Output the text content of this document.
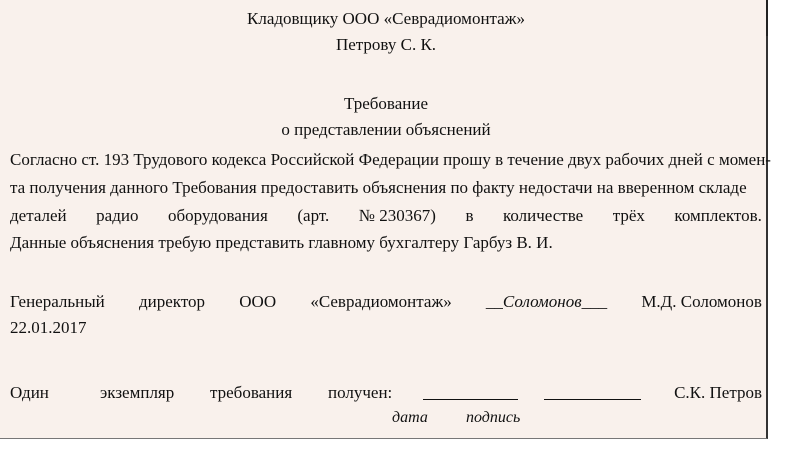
Кладовщику ООО «Севрадиомонтаж»
Петрову С. К.
Требование
о представлении объяснений
Согласно ст. 193 Трудового кодекса Российской Федерации прошу в течение двух рабочих дней с момен-
та получения данного Требования предоставить объяснения по факту недостачи на вверенном складе
деталей радио оборудования (арт. № 230367) в количестве трёх комплектов.
Данные объяснения требую представить главному бухгалтеру Гарбуз В. И.
Генеральный директор ООО «Севрадиомонтаж» __Соломонов___ М.Д. Соломонов
22.01.2017
Один	экземпляр требования получен:	С.К. Петров
дата подпись
